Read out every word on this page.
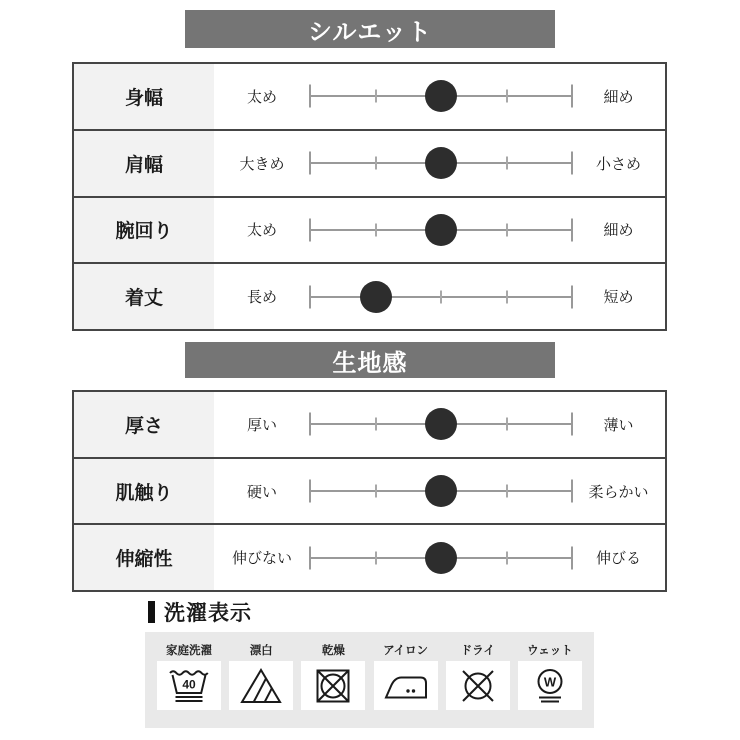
シルエット
身幅	太め	細め
肩幅	大きめ	小さめ
腕回り	太め	細め
着丈	長め	短め
生地感
厚さ	厚い	薄い
肌触り	硬い	柔らかい
伸縮性	伸びない	伸びる
洗濯表示
家庭洗濯
40
漂白	乾燥	アイロン	ドライ	ウェット
W
